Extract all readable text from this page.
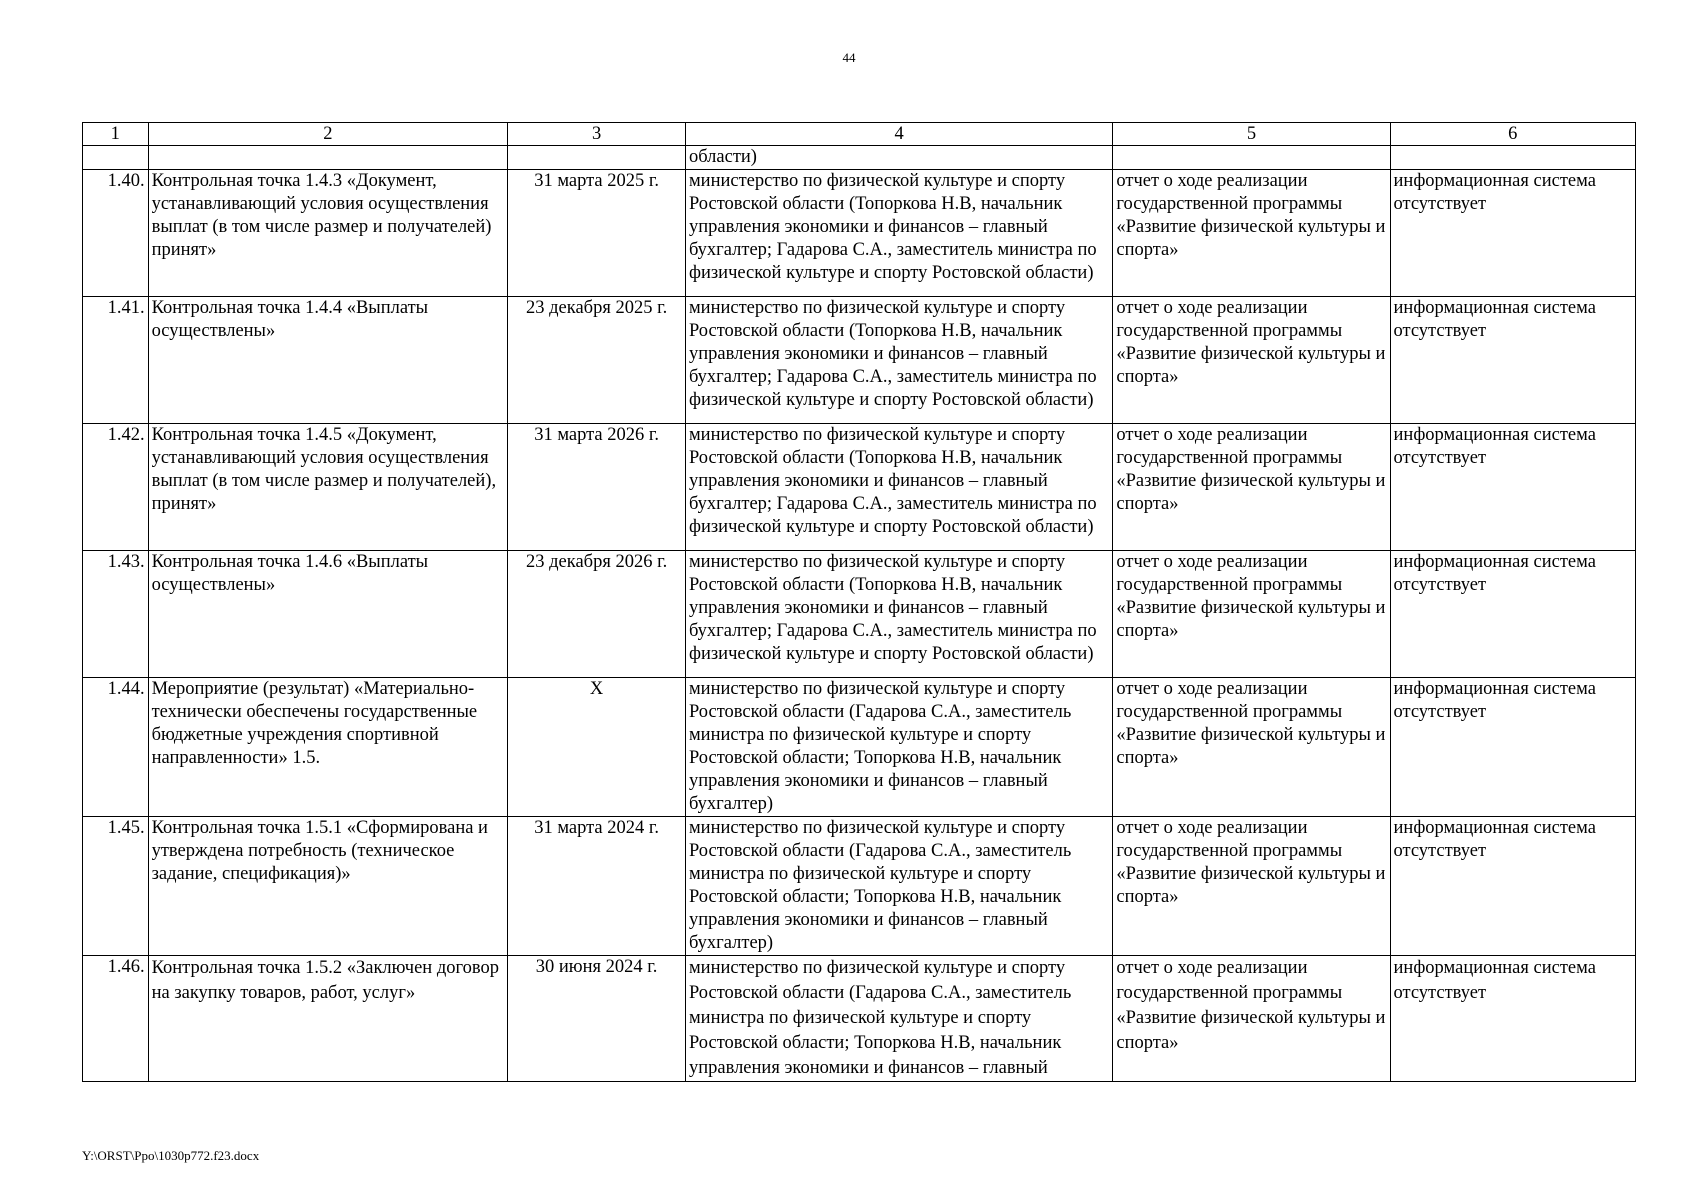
44
1	2	3	4	5	6
			области)		
1.40.	Контрольная точка 1.4.3 «Документ, устанавливающий условия осуществления выплат (в том числе размер и получателей) принят»	31 марта 2025 г.	министерство по физической культуре и спорту Ростовской области (Топоркова Н.В, начальник управления экономики и финансов – главный бухгалтер; Гадарова С.А., заместитель министра по физической культуре и спорту Ростовской области)	отчет о ходе реализации государственной программы «Развитие физической культуры и спорта»	информационная система отсутствует
1.41.	Контрольная точка 1.4.4 «Выплаты осуществлены»	23 декабря 2025 г.	министерство по физической культуре и спорту Ростовской области (Топоркова Н.В, начальник управления экономики и финансов – главный бухгалтер; Гадарова С.А., заместитель министра по физической культуре и спорту Ростовской области)	отчет о ходе реализации государственной программы «Развитие физической культуры и спорта»	информационная система отсутствует
1.42.	Контрольная точка 1.4.5 «Документ, устанавливающий условия осуществления выплат (в том числе размер и получателей), принят»	31 марта 2026 г.	министерство по физической культуре и спорту Ростовской области (Топоркова Н.В, начальник управления экономики и финансов – главный бухгалтер; Гадарова С.А., заместитель министра по физической культуре и спорту Ростовской области)	отчет о ходе реализации государственной программы «Развитие физической культуры и спорта»	информационная система отсутствует
1.43.	Контрольная точка 1.4.6 «Выплаты осуществлены»	23 декабря 2026 г.	министерство по физической культуре и спорту Ростовской области (Топоркова Н.В, начальник управления экономики и финансов – главный бухгалтер; Гадарова С.А., заместитель министра по физической культуре и спорту Ростовской области)	отчет о ходе реализации государственной программы «Развитие физической культуры и спорта»	информационная система отсутствует
1.44.	Мероприятие (результат) «Материально-технически обеспечены государственные бюджетные учреждения спортивной направленности» 1.5.	Х	министерство по физической культуре и спорту Ростовской области (Гадарова С.А., заместитель министра по физической культуре и спорту Ростовской области; Топоркова Н.В, начальник управления экономики и финансов – главный бухгалтер)	отчет о ходе реализации государственной программы «Развитие физической культуры и спорта»	информационная система отсутствует
1.45.	Контрольная точка 1.5.1 «Сформирована и утверждена потребность (техническое задание, спецификация)»	31 марта 2024 г.	министерство по физической культуре и спорту Ростовской области (Гадарова С.А., заместитель министра по физической культуре и спорту Ростовской области; Топоркова Н.В, начальник управления экономики и финансов – главный бухгалтер)	отчет о ходе реализации государственной программы «Развитие физической культуры и спорта»	информационная система отсутствует
1.46.	Контрольная точка 1.5.2 «Заключен договор на закупку товаров, работ, услуг»	30 июня 2024 г.	министерство по физической культуре и спорту Ростовской области (Гадарова С.А., заместитель министра по физической культуре и спорту Ростовской области; Топоркова Н.В, начальник управления экономики и финансов – главный	отчет о ходе реализации государственной программы «Развитие физической культуры и спорта»	информационная система отсутствует
Y:\ORST\Ppo\1030p772.f23.docx
